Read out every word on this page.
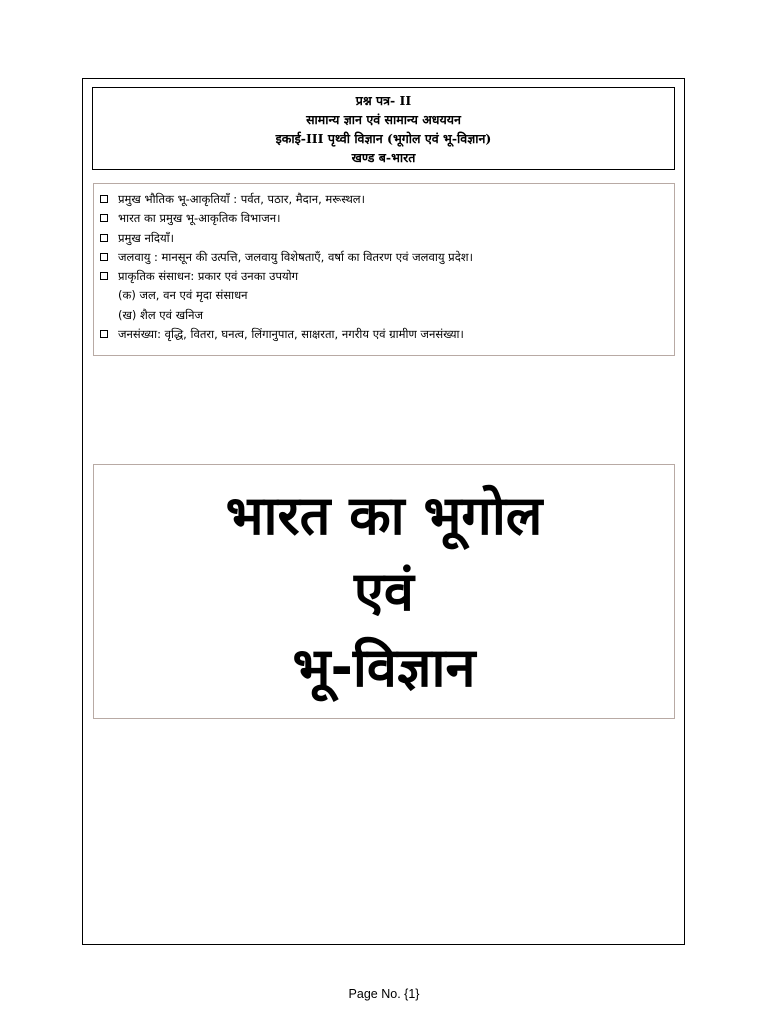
प्रश्न पत्र- II
सामान्य ज्ञान एवं सामान्य अधययन
इकाई-III पृथ्वी विज्ञान (भूगोल एवं भू-विज्ञान)
खण्ड ब-भारत
प्रमुख भौतिक भू-आकृतियाँ : पर्वत, पठार, मैदान, मरूस्थल।
भारत का प्रमुख भू-आकृतिक विभाजन।
प्रमुख नदियाँ।
जलवायु : मानसून की उत्पत्ति, जलवायु विशेषताएँ, वर्षा का वितरण एवं जलवायु प्रदेश।
प्राकृतिक संसाधन: प्रकार एवं उनका उपयोग
(क) जल, वन एवं मृदा संसाधन
(ख) शैल एवं खनिज
जनसंख्या: वृद्धि, वितरा, घनत्व, लिंगानुपात, साक्षरता, नगरीय एवं ग्रामीण जनसंख्या।
भारत का भूगोल
एवं
भू-विज्ञान
Page No. {1}
